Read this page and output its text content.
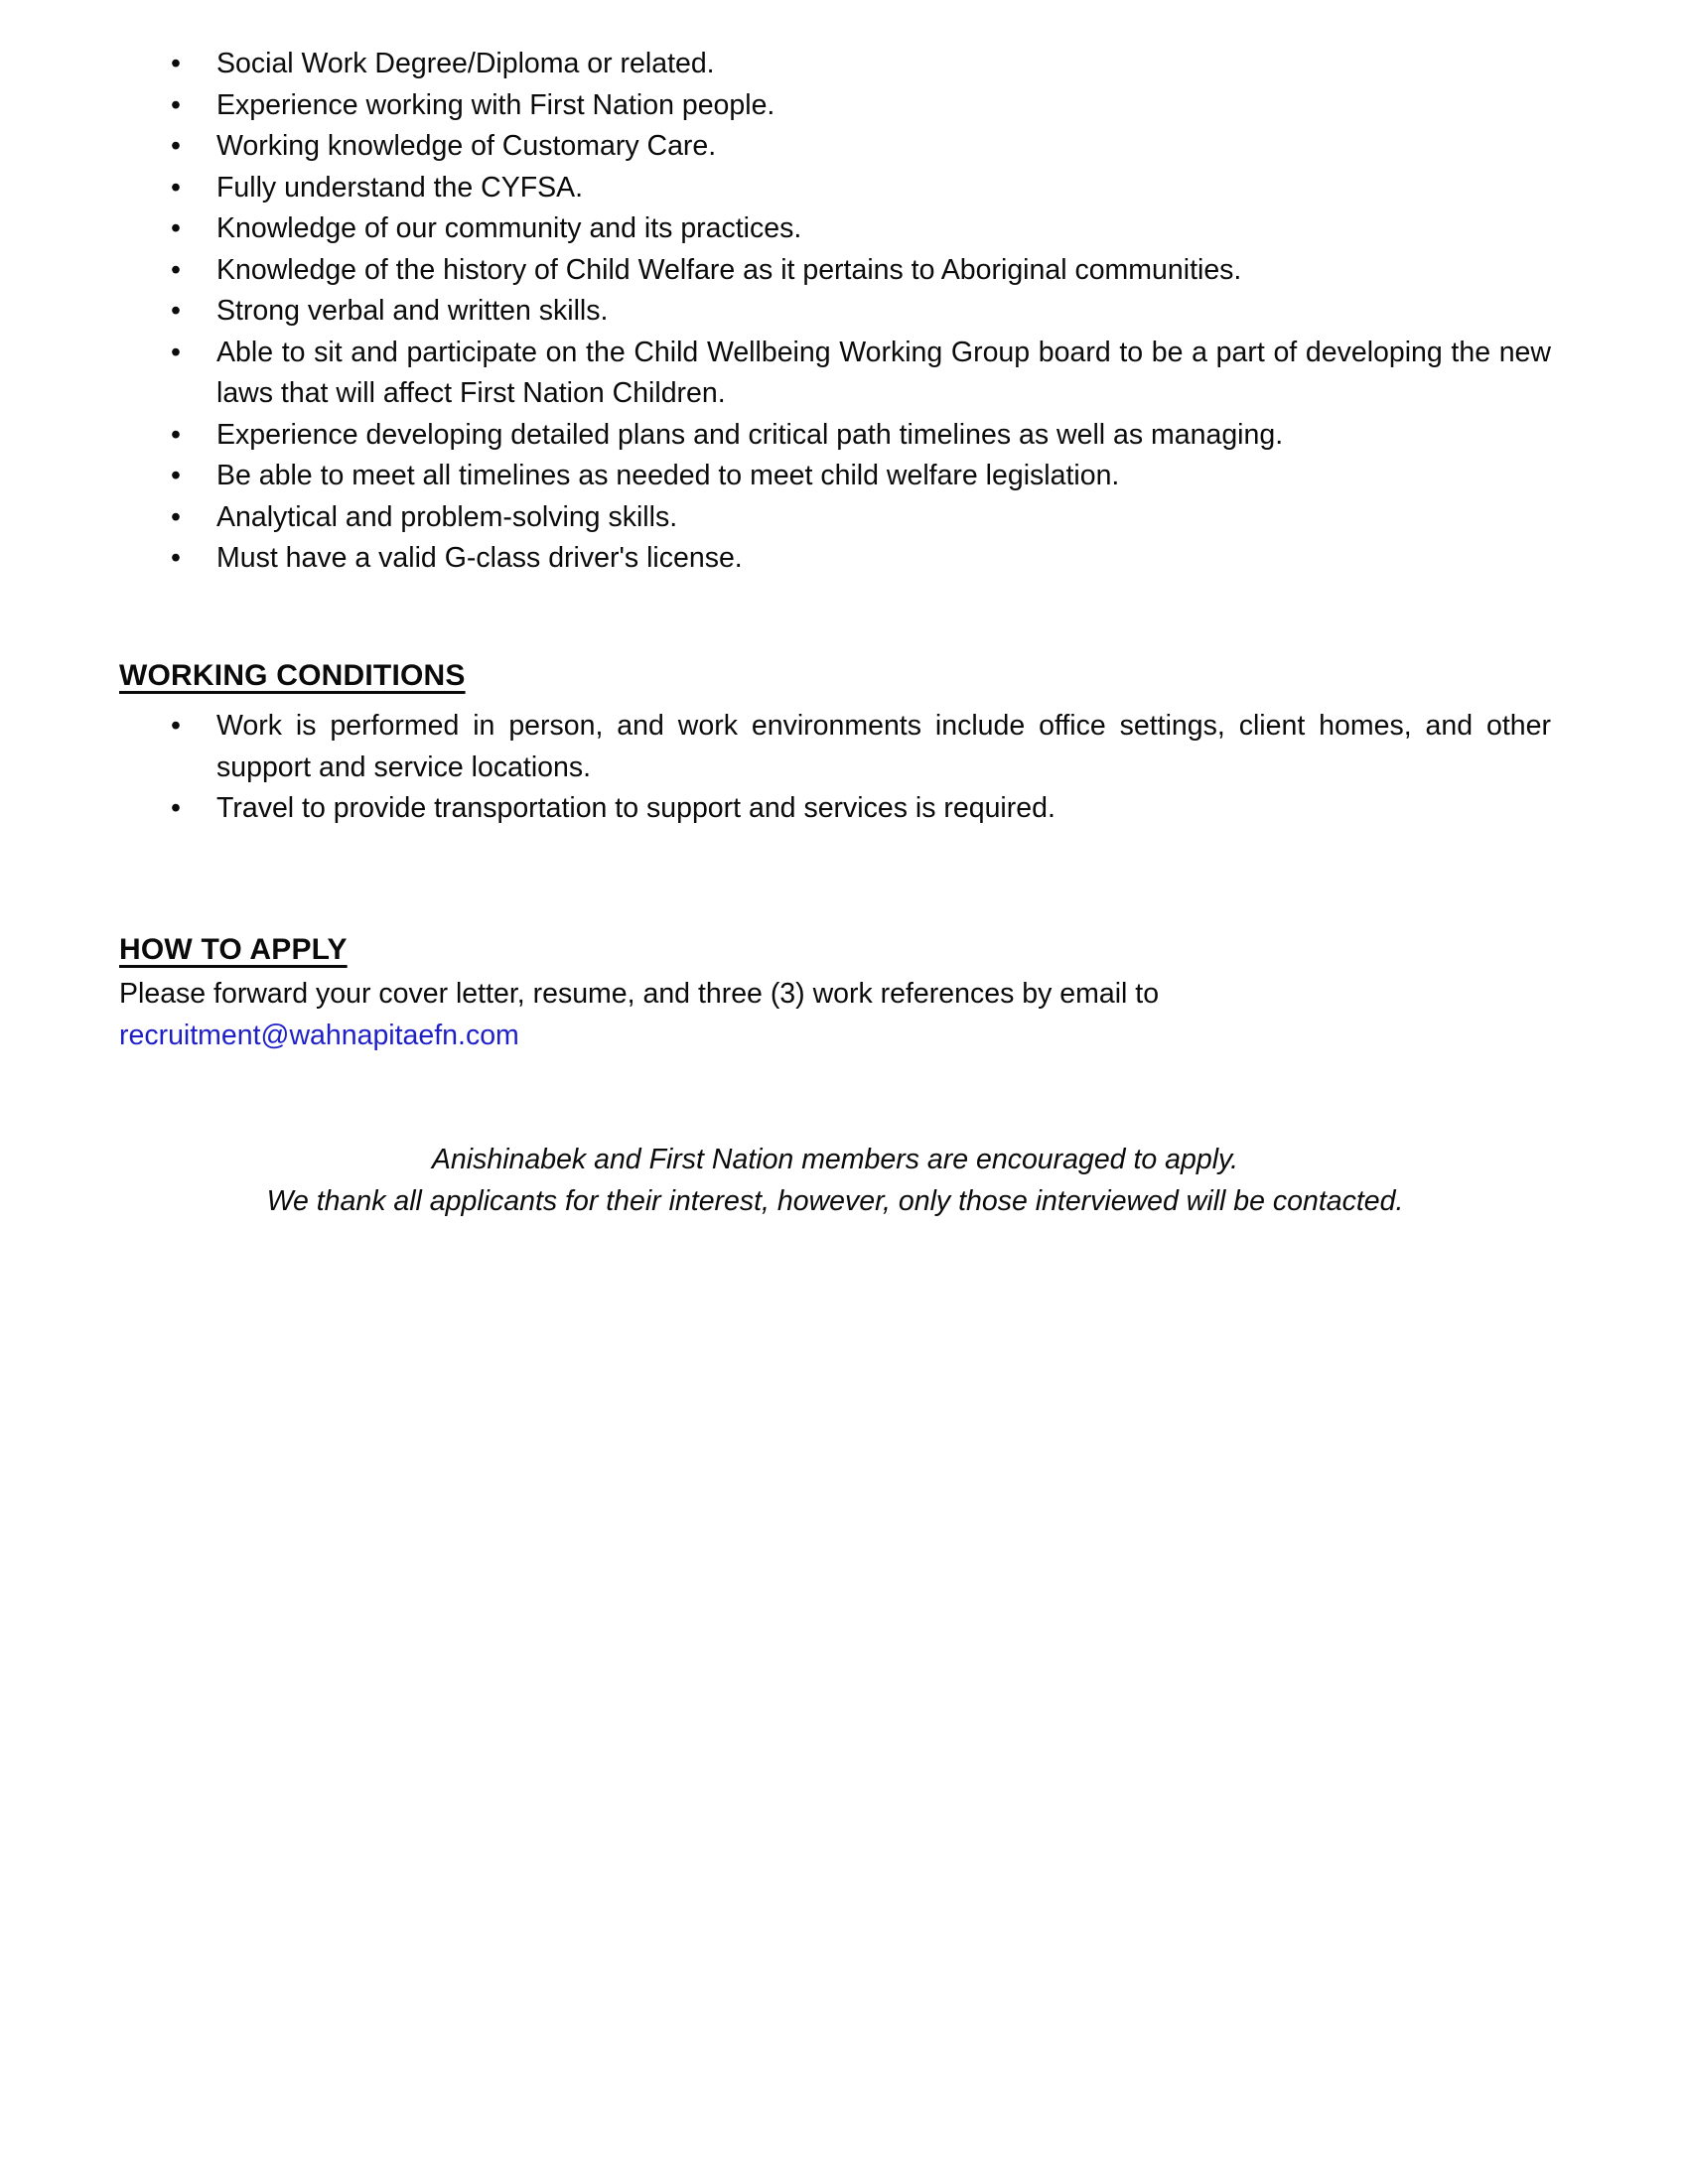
• Social Work Degree/Diploma or related.
• Experience working with First Nation people.
• Working knowledge of Customary Care.
• Fully understand the CYFSA.
• Knowledge of our community and its practices.
• Knowledge of the history of Child Welfare as it pertains to Aboriginal communities.
• Strong verbal and written skills.
• Able to sit and participate on the Child Wellbeing Working Group board to be a part of developing the new laws that will affect First Nation Children.
• Experience developing detailed plans and critical path timelines as well as managing.
• Be able to meet all timelines as needed to meet child welfare legislation.
• Analytical and problem-solving skills.
• Must have a valid G-class driver's license.
WORKING CONDITIONS
• Work is performed in person, and work environments include office settings, client homes, and other support and service locations.
• Travel to provide transportation to support and services is required.
HOW TO APPLY

Please forward your cover letter, resume, and three (3) work references by email to

recruitment@wahnapitaefn.com

Anishinabek and First Nation members are encouraged to apply.

We thank all applicants for their interest, however, only those interviewed will be contacted.
